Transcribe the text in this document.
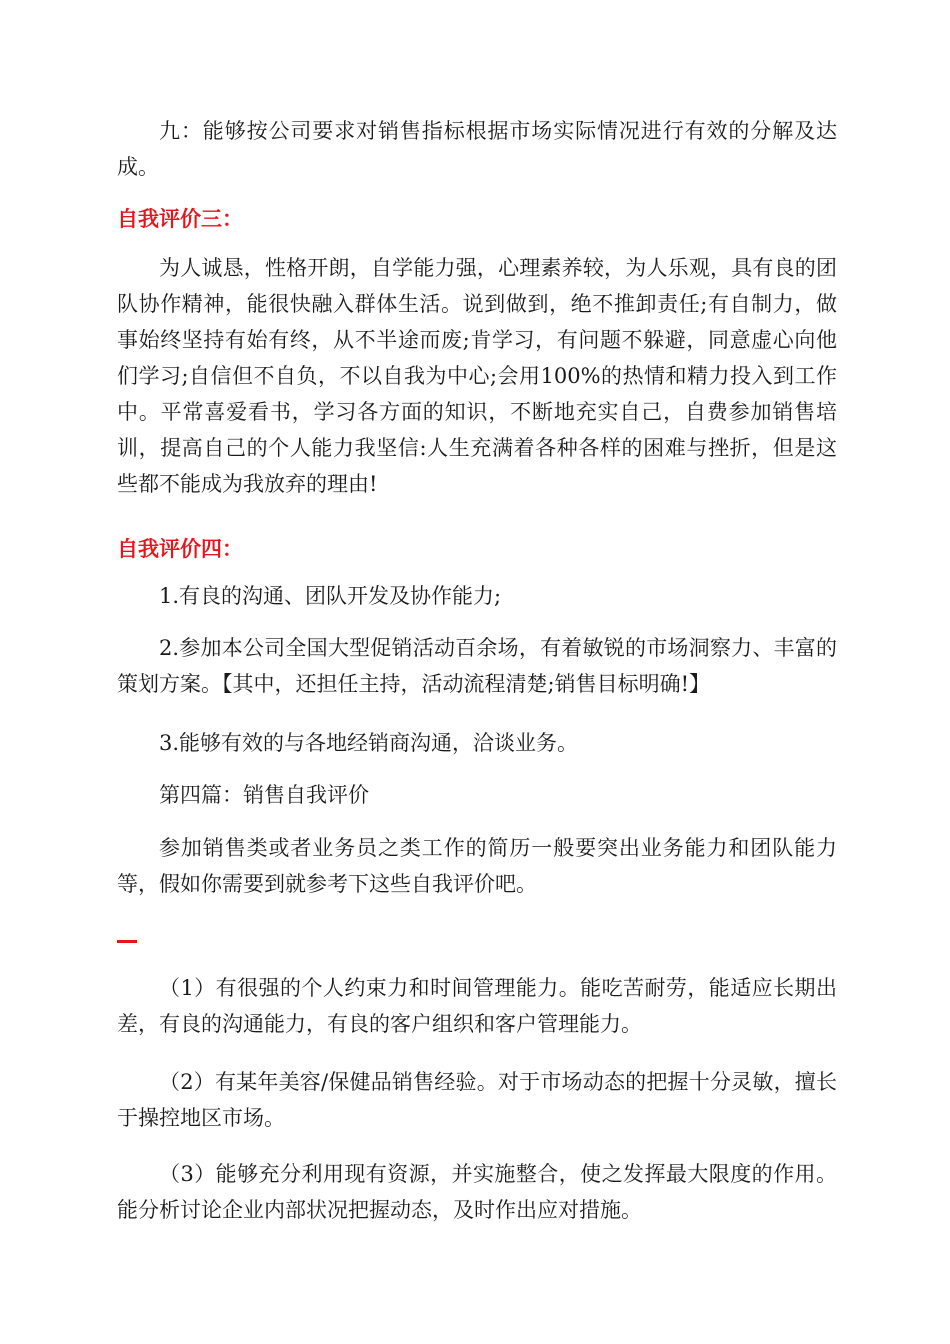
九：能够按公司要求对销售指标根据市场实际情况进行有效的分解及达成。

自我评价三：

为人诚恳，性格开朗，自学能力强，心理素养较，为人乐观，具有良的团队协作精神，能很快融入群体生活。说到做到，绝不推卸责任;有自制力，做事始终坚持有始有终，从不半途而废;肯学习，有问题不躲避，同意虚心向他们学习;自信但不自负，不以自我为中心;会用100%的热情和精力投入到工作中。平常喜爱看书，学习各方面的知识，不断地充实自己，自费参加销售培训，提高自己的个人能力我坚信:人生充满着各种各样的困难与挫折，但是这些都不能成为我放弃的理由!

自我评价四：

1.有良的沟通、团队开发及协作能力;

2.参加本公司全国大型促销活动百余场，有着敏锐的市场洞察力、丰富的策划方案。【其中，还担任主持，活动流程清楚;销售目标明确!】

3.能够有效的与各地经销商沟通，洽谈业务。

第四篇：销售自我评价

参加销售类或者业务员之类工作的简历一般要突出业务能力和团队能力等，假如你需要到就参考下这些自我评价吧。

（1）有很强的个人约束力和时间管理能力。能吃苦耐劳，能适应长期出差，有良的沟通能力，有良的客户组织和客户管理能力。

（2）有某年美容/保健品销售经验。对于市场动态的把握十分灵敏，擅长于操控地区市场。

（3）能够充分利用现有资源，并实施整合，使之发挥最大限度的作用。能分析讨论企业内部状况把握动态，及时作出应对措施。
